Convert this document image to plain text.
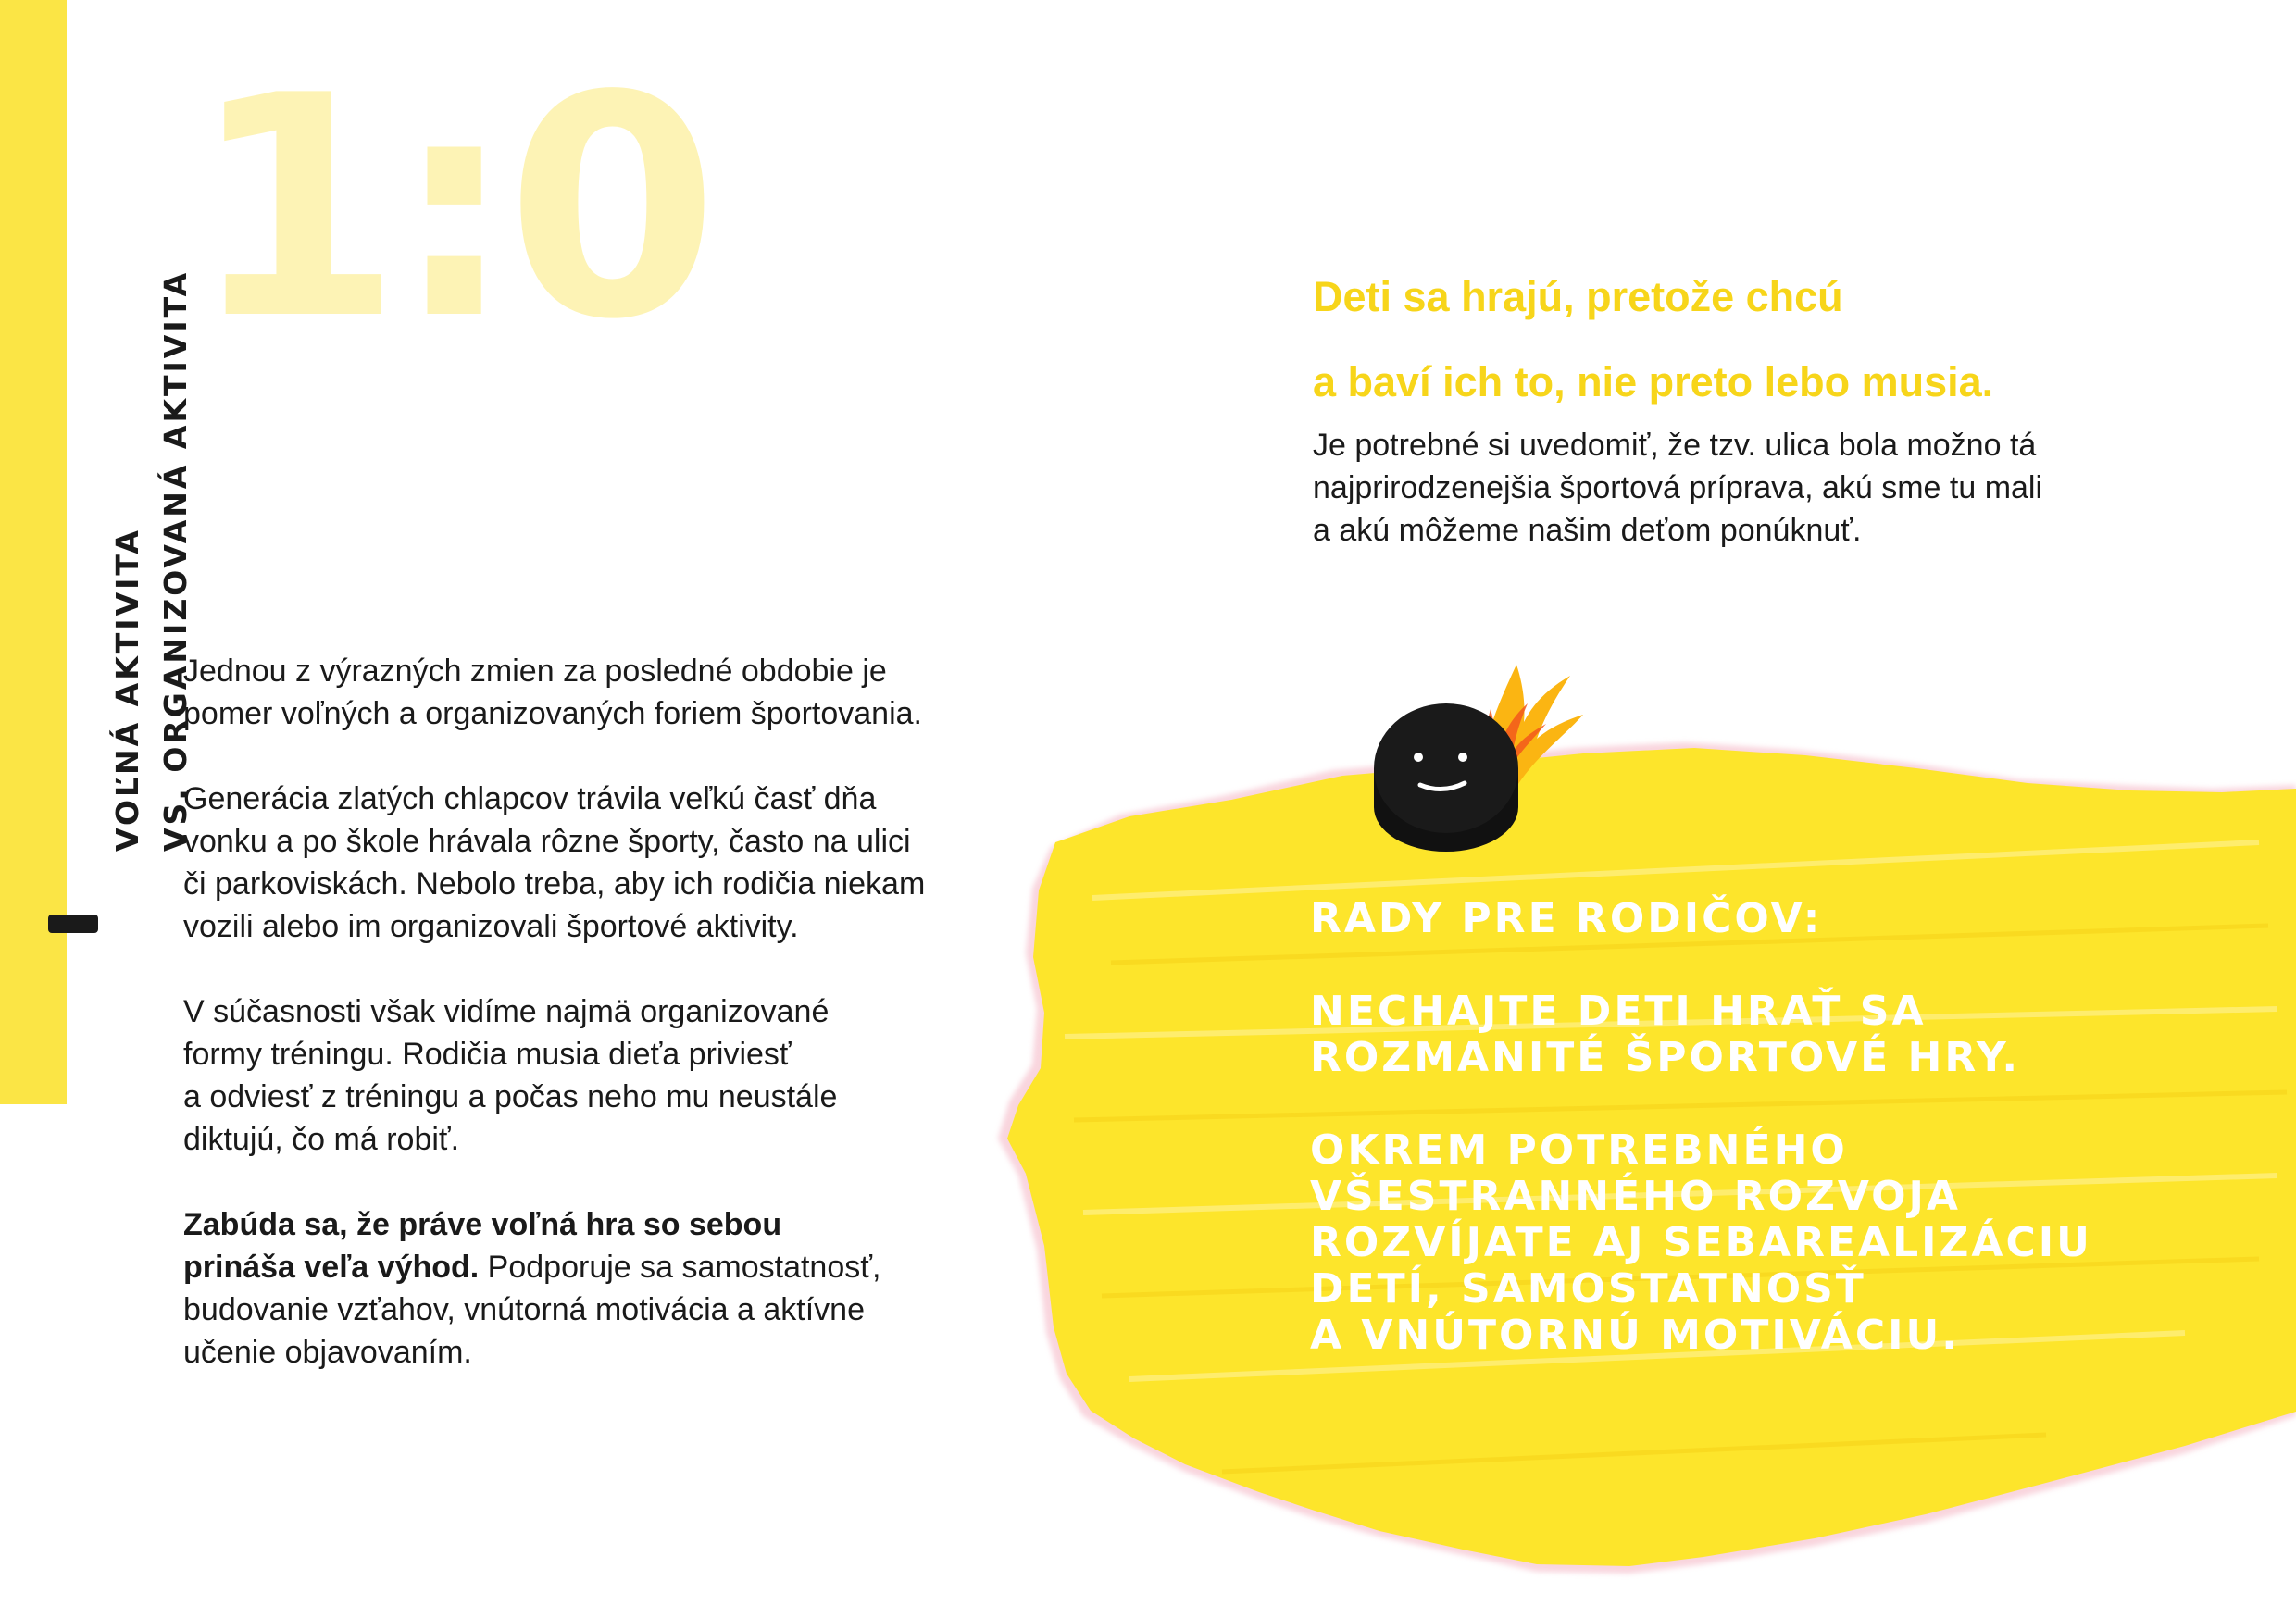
VOĽNÁ AKTIVITA VS. ORGANIZOVANÁ AKTIVITA
1:0	Deti sa hrajú, pretože chcú
a baví ich to, nie preto lebo musia.
Je potrebné si uvedomiť, že tzv. ulica bola možno tá
najprirodzenejšia športová príprava, akú sme tu mali
a akú môžeme našim deťom ponúknuť.

Jednou z výrazných zmien za posledné obdobie je
pomer voľných a organizovaných foriem športovania.

Generácia zlatých chlapcov trávila veľkú časť dňa
vonku a po škole hrávala rôzne športy, často na ulici
či parkoviskách. Nebolo treba, aby ich rodičia niekam
vozili alebo im organizovali športové aktivity.

V súčasnosti však vidíme najmä organizované
formy tréningu. Rodičia musia dieťa priviesť
a odviesť z tréningu a počas neho mu neustále
diktujú, čo má robiť.

Zabúda sa, že práve voľná hra so sebou
prináša veľa výhod. Podporuje sa samostatnosť,
budovanie vzťahov, vnútorná motivácia a aktívne
učenie objavovaním.

RADY PRE RODIČOV:
NECHAJTE DETI HRAŤ SA
ROZMANITÉ ŠPORTOVÉ HRY.
OKREM POTREBNÉHO
VŠESTRANNÉHO ROZVOJA
ROZVÍJATE AJ SEBAREALIZÁCIU
DETÍ, SAMOSTATNOSŤ
A VNÚTORNÚ MOTIVÁCIU.
